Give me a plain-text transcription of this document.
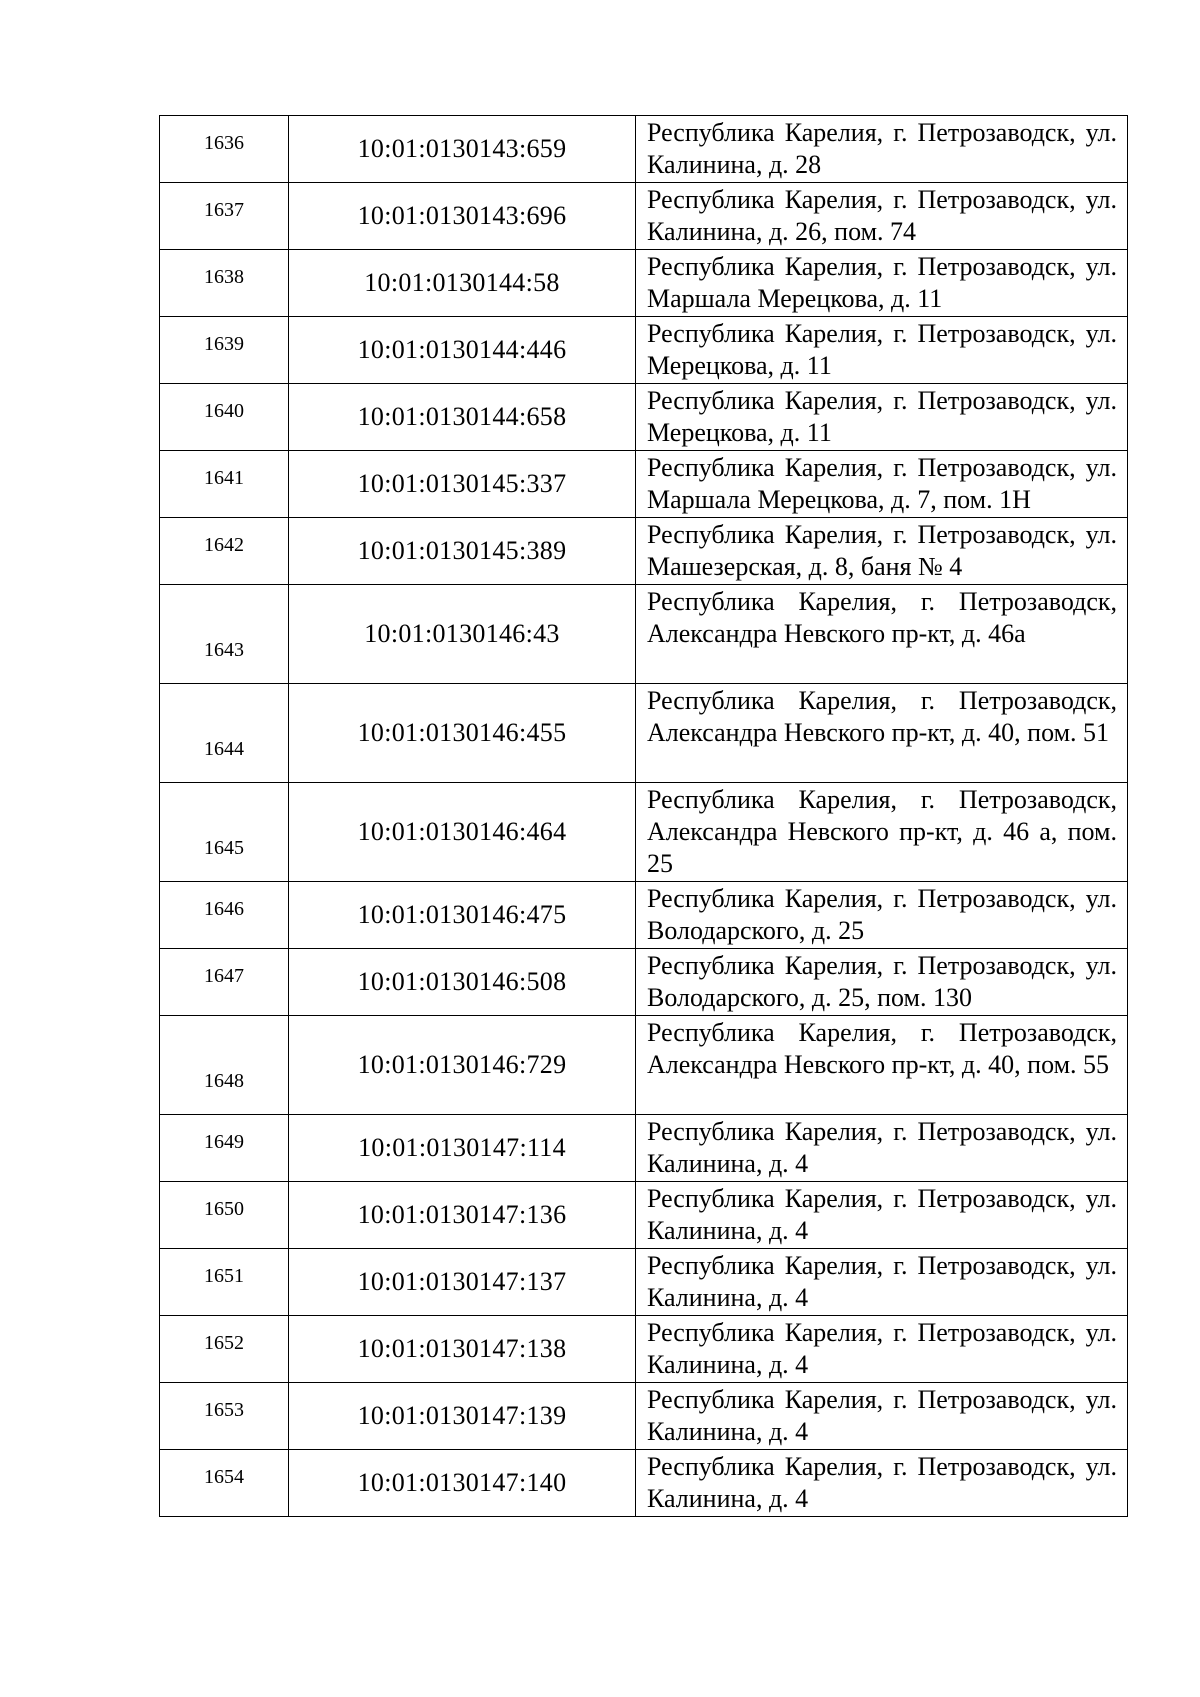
1636	10:01:0130143:659	Республика Карелия, г. Петрозаводск, ул. Калинина, д. 28
1637	10:01:0130143:696	Республика Карелия, г. Петрозаводск, ул. Калинина, д. 26, пом. 74
1638	10:01:0130144:58	Республика Карелия, г. Петрозаводск, ул. Маршала Мерецкова, д. 11
1639	10:01:0130144:446	Республика Карелия, г. Петрозаводск, ул. Мерецкова, д. 11
1640	10:01:0130144:658	Республика Карелия, г. Петрозаводск, ул. Мерецкова, д. 11
1641	10:01:0130145:337	Республика Карелия, г. Петрозаводск, ул. Маршала Мерецкова, д. 7, пом. 1Н
1642	10:01:0130145:389	Республика Карелия, г. Петрозаводск, ул. Машезерская, д. 8, баня № 4
1643	10:01:0130146:43	Республика Карелия, г. Петрозаводск, Александра Невского пр-кт, д. 46а
1644	10:01:0130146:455	Республика Карелия, г. Петрозаводск, Александра Невского пр-кт, д. 40, пом. 51
1645	10:01:0130146:464	Республика Карелия, г. Петрозаводск, Александра Невского пр-кт, д. 46 а, пом. 25
1646	10:01:0130146:475	Республика Карелия, г. Петрозаводск, ул. Володарского, д. 25
1647	10:01:0130146:508	Республика Карелия, г. Петрозаводск, ул. Володарского, д. 25, пом. 130
1648	10:01:0130146:729	Республика Карелия, г. Петрозаводск, Александра Невского пр-кт, д. 40, пом. 55
1649	10:01:0130147:114	Республика Карелия, г. Петрозаводск, ул. Калинина, д. 4
1650	10:01:0130147:136	Республика Карелия, г. Петрозаводск, ул. Калинина, д. 4
1651	10:01:0130147:137	Республика Карелия, г. Петрозаводск, ул. Калинина, д. 4
1652	10:01:0130147:138	Республика Карелия, г. Петрозаводск, ул. Калинина, д. 4
1653	10:01:0130147:139	Республика Карелия, г. Петрозаводск, ул. Калинина, д. 4
1654	10:01:0130147:140	Республика Карелия, г. Петрозаводск, ул. Калинина, д. 4
